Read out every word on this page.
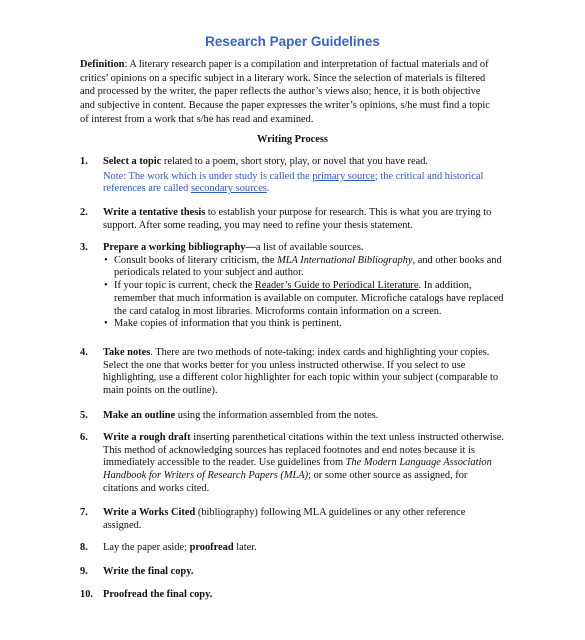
Research Paper Guidelines
Definition: A literary research paper is a compilation and interpretation of factual materials and of critics’ opinions on a specific subject in a literary work. Since the selection of materials is filtered and processed by the writer, the paper reflects the author’s views also; hence, it is both objective and subjective in content. Because the paper expresses the writer’s opinions, s/he must find a topic of interest from a work that s/he has read and examined.
Writing Process
1.	Select a topic related to a poem, short story, play, or novel that you have read.
Note: The work which is under study is called the primary source; the critical and historical references are called secondary sources.
2.	Write a tentative thesis to establish your purpose for research. This is what you are trying to support. After some reading, you may need to refine your thesis statement.
3.	Prepare a working bibliography—a list of available sources.
• Consult books of literary criticism, the MLA International Bibliography, and other books and periodicals related to your subject and author.
• If your topic is current, check the Reader’s Guide to Periodical Literature. In addition, remember that much information is available on computer. Microfiche catalogs have replaced the card catalog in most libraries. Microforms contain information on a screen.
• Make copies of information that you think is pertinent.
4.	Take notes. There are two methods of note-taking: index cards and highlighting your copies. Select the one that works better for you unless instructed otherwise. If you select to use highlighting, use a different color highlighter for each topic within your subject (comparable to main points on the outline).
5.	Make an outline using the information assembled from the notes.
6.	Write a rough draft inserting parenthetical citations within the text unless instructed otherwise. This method of acknowledging sources has replaced footnotes and end notes because it is immediately accessible to the reader. Use guidelines from The Modern Language Association Handbook for Writers of Research Papers (MLA); or some other source as assigned, for citations and works cited.
7.	Write a Works Cited (bibliography) following MLA guidelines or any other reference assigned.
8.	Lay the paper aside; proofread later.
9.	Write the final copy.
10. Proofread the final copy.
